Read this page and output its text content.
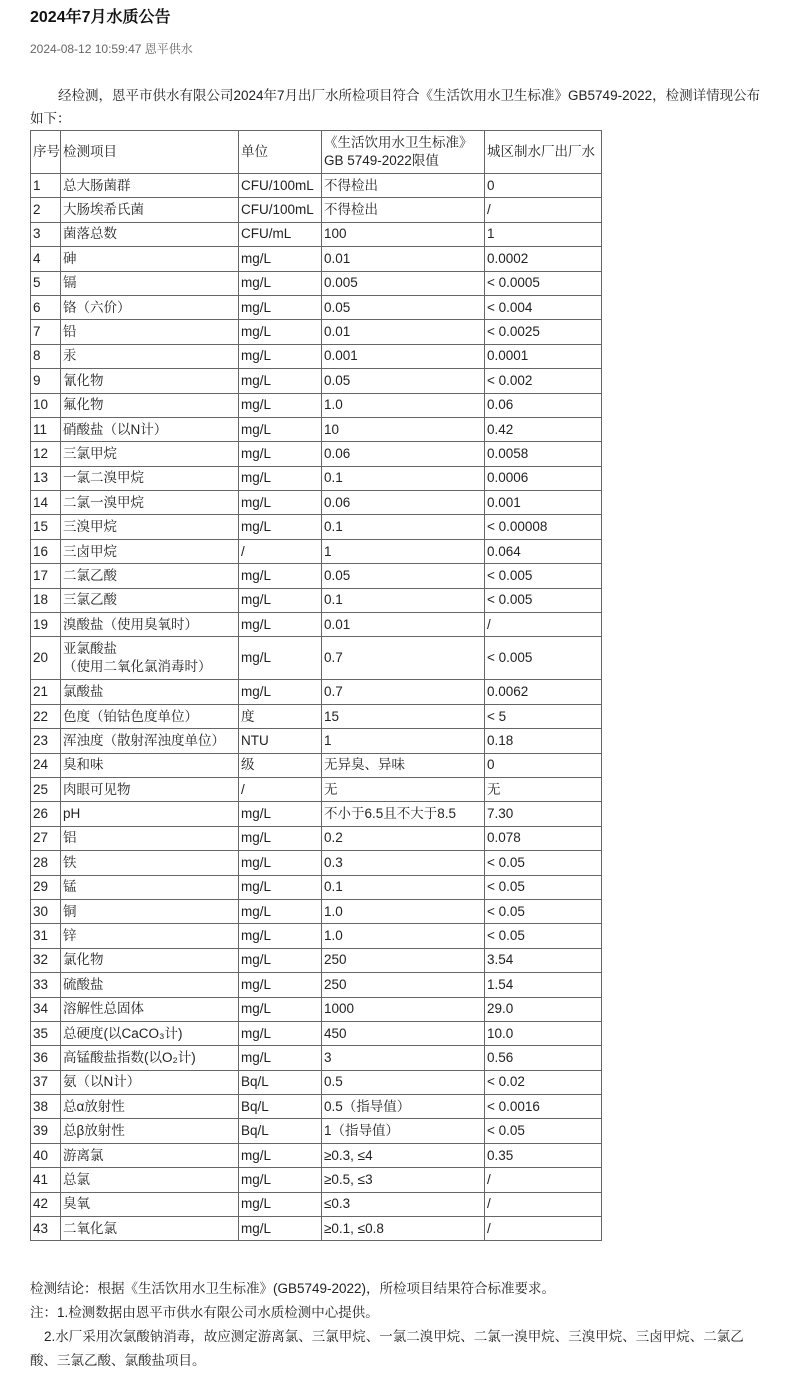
2024年7月水质公告
2024-08-12 10:59:47 恩平供水

经检测，恩平市供水有限公司2024年7月出厂水所检项目符合《生活饮用水卫生标准》GB5749-2022，检测详情现公布如下：

序号	检测项目	单位	《生活饮用水卫生标准》
GB 5749-2022限值	城区制水厂出厂水
1	总大肠菌群	CFU/100mL	不得检出	0
2	大肠埃希氏菌	CFU/100mL	不得检出	/
3	菌落总数	CFU/mL	100	1
4	砷	mg/L	0.01	0.0002
5	镉	mg/L	0.005	< 0.0005
6	铬（六价）	mg/L	0.05	< 0.004
7	铅	mg/L	0.01	< 0.0025
8	汞	mg/L	0.001	0.0001
9	氰化物	mg/L	0.05	< 0.002
10	氟化物	mg/L	1.0	0.06
11	硝酸盐（以N计）	mg/L	10	0.42
12	三氯甲烷	mg/L	0.06	0.0058
13	一氯二溴甲烷	mg/L	0.1	0.0006
14	二氯一溴甲烷	mg/L	0.06	0.001
15	三溴甲烷	mg/L	0.1	< 0.00008
16	三卤甲烷	/	1	0.064
17	二氯乙酸	mg/L	0.05	< 0.005
18	三氯乙酸	mg/L	0.1	< 0.005
19	溴酸盐（使用臭氧时）	mg/L	0.01	/
20	亚氯酸盐
（使用二氧化氯消毒时）	mg/L	0.7	< 0.005
21	氯酸盐	mg/L	0.7	0.0062
22	色度（铂钴色度单位）	度	15	< 5
23	浑浊度（散射浑浊度单位）	NTU	1	0.18
24	臭和味	级	无异臭、异味	0
25	肉眼可见物	/	无	无
26	pH	mg/L	不小于6.5且不大于8.5	7.30
27	铝	mg/L	0.2	0.078
28	铁	mg/L	0.3	< 0.05
29	锰	mg/L	0.1	< 0.05
30	铜	mg/L	1.0	< 0.05
31	锌	mg/L	1.0	< 0.05
32	氯化物	mg/L	250	3.54
33	硫酸盐	mg/L	250	1.54
34	溶解性总固体	mg/L	1000	29.0
35	总硬度(以CaCO₃计)	mg/L	450	10.0
36	高锰酸盐指数(以O₂计)	mg/L	3	0.56
37	氨（以N计）	Bq/L	0.5	< 0.02
38	总α放射性	Bq/L	0.5（指导值）	< 0.0016
39	总β放射性	Bq/L	1（指导值）	< 0.05
40	游离氯	mg/L	≥0.3, ≤4	0.35
41	总氯	mg/L	≥0.5, ≤3	/
42	臭氧	mg/L	≤0.3	/
43	二氧化氯	mg/L	≥0.1, ≤0.8	/

检测结论：根据《生活饮用水卫生标准》(GB5749-2022)，所检项目结果符合标准要求。

注：1.检测数据由恩平市供水有限公司水质检测中心提供。

2.水厂采用次氯酸钠消毒，故应测定游离氯、三氯甲烷、一氯二溴甲烷、二氯一溴甲烷、三溴甲烷、三卤甲烷、二氯乙酸、三氯乙酸、氯酸盐项目。
